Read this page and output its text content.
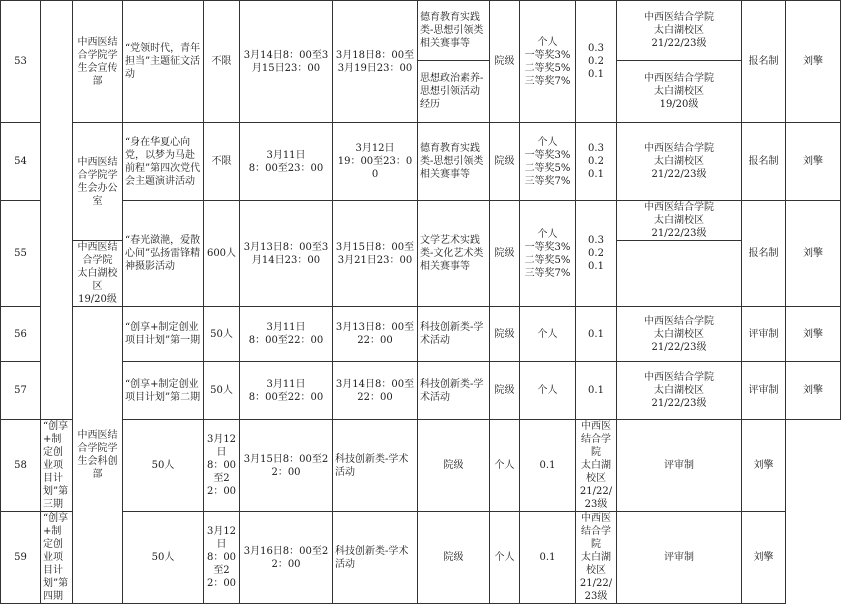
53		中西医结合学院学生会宣传部	“党领时代，青年担当”主题征文活动	不限	3月14日8：00至3月15日23：00	3月18日8：00至3月19日23：00	德育教育实践类-思想引领类相关赛事等	院级	个人
一等奖3%
二等奖5%
三等奖7%	0.3
0.2
0.1	中西医结合学院
太白湖校区
21/22/23级	报名制	刘擎
							思想政治素养-思想引领活动经历				中西医结合学院
太白湖校区
19/20级		
54		中西医结合学院学生会办公室	“身在华夏心向党，以梦为马赴前程”第四次党代会主题演讲活动	不限	3月11日
8：00至23：00	3月12日
19：00至23：00	德育教育实践类-思想引领类相关赛事等	院级	个人
一等奖3%
二等奖5%
三等奖7%	0.3
0.2
0.1	中西医结合学院
太白湖校区
21/22/23级	报名制	刘擎
55			“春光潋滟，爱散心间”弘扬雷锋精神摄影活动	600人	3月13日8：00至3月14日23：00	3月15日8：00至3月21日23：00	文学艺术实践类-文化艺术类相关赛事等	院级	个人
一等奖3%
二等奖5%
三等奖7%	0.3
0.2
0.1	中西医结合学院
太白湖校区
21/22/23级	报名制	刘擎
		中西医结合学院
太白湖校区
19/20级											
56		中西医结合学院学生会科创部	“创享+制定创业项目计划”第一期	50人	3月11日
8：00至22：00	3月13日8：00至22：00	科技创新类-学术活动	院级	个人	0.1	中西医结合学院
太白湖校区
21/22/23级	评审制	刘擎
57			“创享+制定创业项目计划”第二期	50人	3月11日
8：00至22：00	3月14日8：00至22：00	科技创新类-学术活动	院级	个人	0.1	中西医结合学院
太白湖校区
21/22/23级	评审制	刘擎
58	“创享+制定创业项目计划”第三期		50人	3月12日
8：00至22：00	3月15日8：00至22：00	科技创新类-学术活动	院级	个人	0.1	中西医结合学院
太白湖校区
21/22/23级	评审制	刘擎	
59	“创享+制定创业项目计划”第四期		50人	3月12日
8：00至22：00	3月16日8：00至22：00	科技创新类-学术活动	院级	个人	0.1	中西医结合学院
太白湖校区
21/22/23级	评审制	刘擎	
